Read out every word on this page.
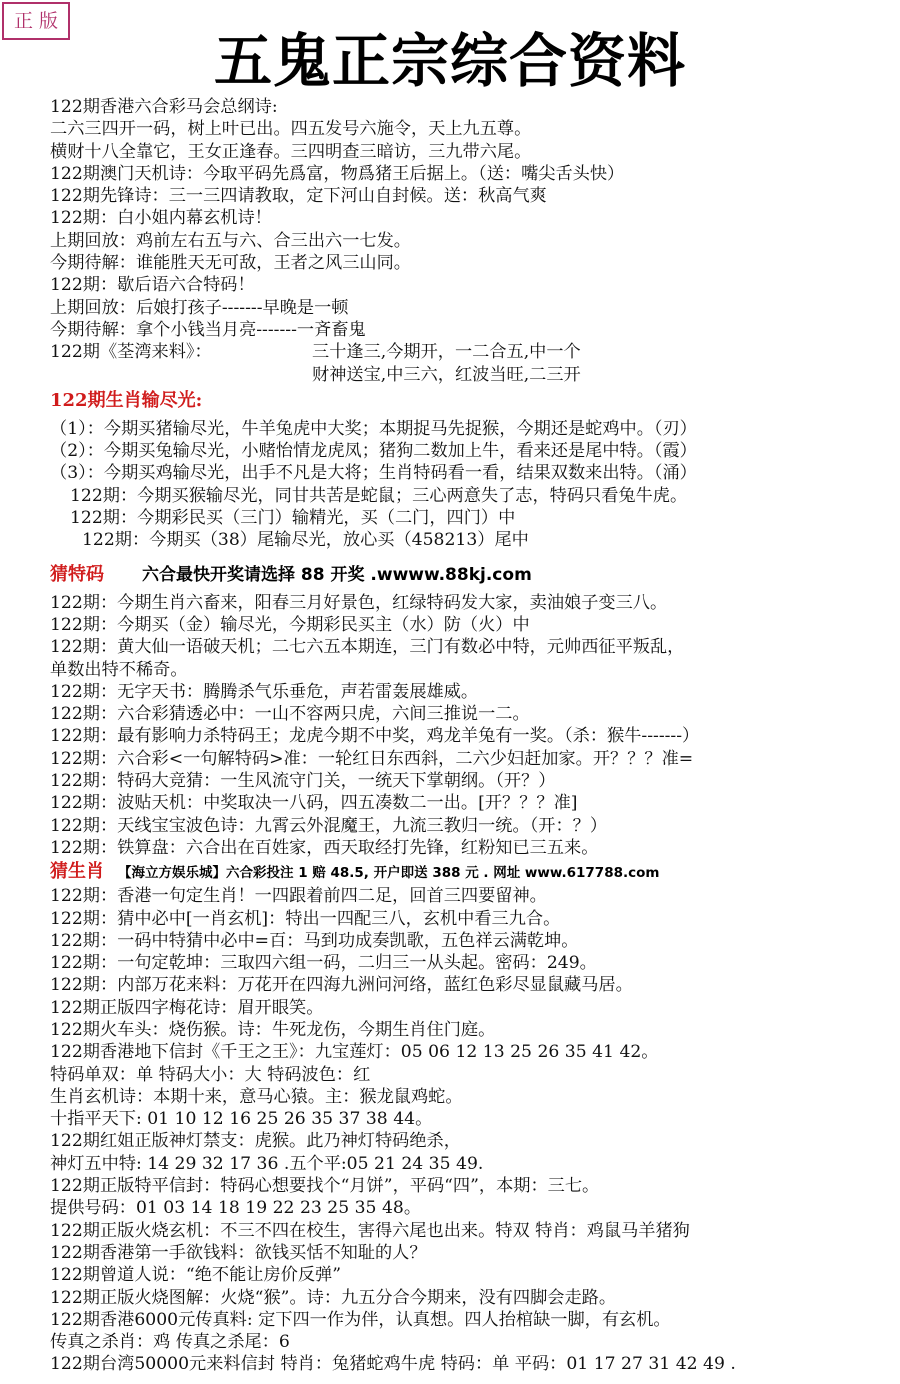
正 版
五鬼正宗综合资料
122期香港六合彩马会总纲诗:
二六三四开一码，树上叶已出。四五发号六施令，天上九五尊。
横财十八全靠它，王女正逢春。三四明查三暗访，三九带六尾。
122期澳门天机诗：今取平码先爲富，物爲猪王后据上。（送：嘴尖舌头快）
122期先锋诗：三一三四请教取，定下河山自封候。送：秋高气爽
122期：白小姐内幕玄机诗！
上期回放：鸡前左右五与六、合三出六一七发。
今期待解：谁能胜天无可敌，王者之风三山同。
122期：歇后语六合特码！
上期回放：后娘打孩子-------早晚是一顿
今期待解：拿个小钱当月亮-------一斉畜鬼
122期《荃湾来料》：	三十逢三,今期开，一二合五,中一个
财神送宝,中三六，红波当旺,二三开
122期生肖输尽光:
（1）：今期买猪输尽光，牛羊兔虎中大奖；本期捉马先捉猴，今期还是蛇鸡中。（刃）
（2）：今期买兔输尽光，小赌怡情龙虎凤；猪狗二数加上牛，看来还是尾中特。（霞）
（3）：今期买鸡输尽光，出手不凡是大将；生肖特码看一看，结果双数来出特。（涌）
122期：今期买猴输尽光，同甘共苦是蛇鼠；三心两意失了志，特码只看兔牛虎。
122期：今期彩民买（三门）输精光，买（二门，四门）中
122期：今期买（38）尾输尽光，放心买（458213）尾中
猜特码	六合最快开奖请选择 88 开奖 .wwww.88kj.com
122期：今期生肖六畜来，阳春三月好景色，红绿特码发大家，卖油娘子变三八。
122期：今期买（金）输尽光，今期彩民买主（水）防（火）中
122期：黄大仙一语破天机；二七六五本期连，三门有数必中特，元帅西征平叛乱，
单数出特不稀奇。
122期：无字天书：腾腾杀气乐垂危，声若雷轰展雄威。
122期：六合彩猜透必中：一山不容两只虎，六间三推说一二。
122期：最有影响力杀特码王；龙虎今期不中奖，鸡龙羊兔有一奖。（杀：猴牛-------）
122期：六合彩<一句解特码>准：一轮红日东西斜，二六少妇赶加家。开？？？准=
122期：特码大竞猜：一生风流守门关，一统天下掌朝纲。（开？）
122期：波贴天机：中奖取决一八码，四五凑数二一出。[开？？？准]
122期：天线宝宝波色诗：九霄云外混魔王，九流三教归一统。（开：？）
122期：铁算盘：六合出在百姓家，西天取经打先锋，红粉知已三五来。
猜生肖	【海立方娱乐城】六合彩投注 1 赔 48.5, 开户即送 388 元 . 网址 www.617788.com
122期：香港一句定生肖！一四跟着前四二足，回首三四要留神。
122期：猜中必中[一肖玄机]：特出一四配三八，玄机中看三九合。
122期：一码中特猜中必中=百：马到功成奏凯歌，五色祥云满乾坤。
122期：一句定乾坤：三取四六组一码，二归三一从头起。密码：249。
122期：内部万花来料：万花开在四海九洲问河络，蓝红色彩尽显鼠藏马居。
122期正版四字梅花诗：眉开眼笑。
122期火车头：烧伤猴。诗：牛死龙伤，今期生肖住门庭。
122期香港地下信封《千王之王》：九宝莲灯：05 06 12 13 25 26 35 41 42。
特码单双：单 特码大小：大 特码波色：红
生肖玄机诗：本期十来，意马心猿。主：猴龙鼠鸡蛇。
十指平天下: 01 10 12 16 25 26 35 37 38 44。
122期红姐正版神灯禁支：虎猴。此乃神灯特码绝杀，
神灯五中特: 14 29 32 17 36 .五个平:05 21 24 35 49.
122期正版特平信封：特码心想要找个“月饼”，平码“四”，本期：三七。
提供号码：01 03 14 18 19 22 23 25 35 48。
122期正版火烧玄机：不三不四在校生，害得六尾也出来。特双 特肖：鸡鼠马羊猪狗
122期香港第一手欲钱料：欲钱买恬不知耻的人？
122期曾道人说：“绝不能让房价反弹”
122期正版火烧图解：火烧“猴”。诗：九五分合今期来，没有四脚会走路。
122期香港6000元传真料: 定下四一作为伴，认真想。四人抬棺缺一脚，有玄机。
传真之杀肖：鸡 传真之杀尾：6
122期台湾50000元来料信封 特肖：兔猪蛇鸡牛虎 特码：单 平码：01 17 27 31 42 49 .
